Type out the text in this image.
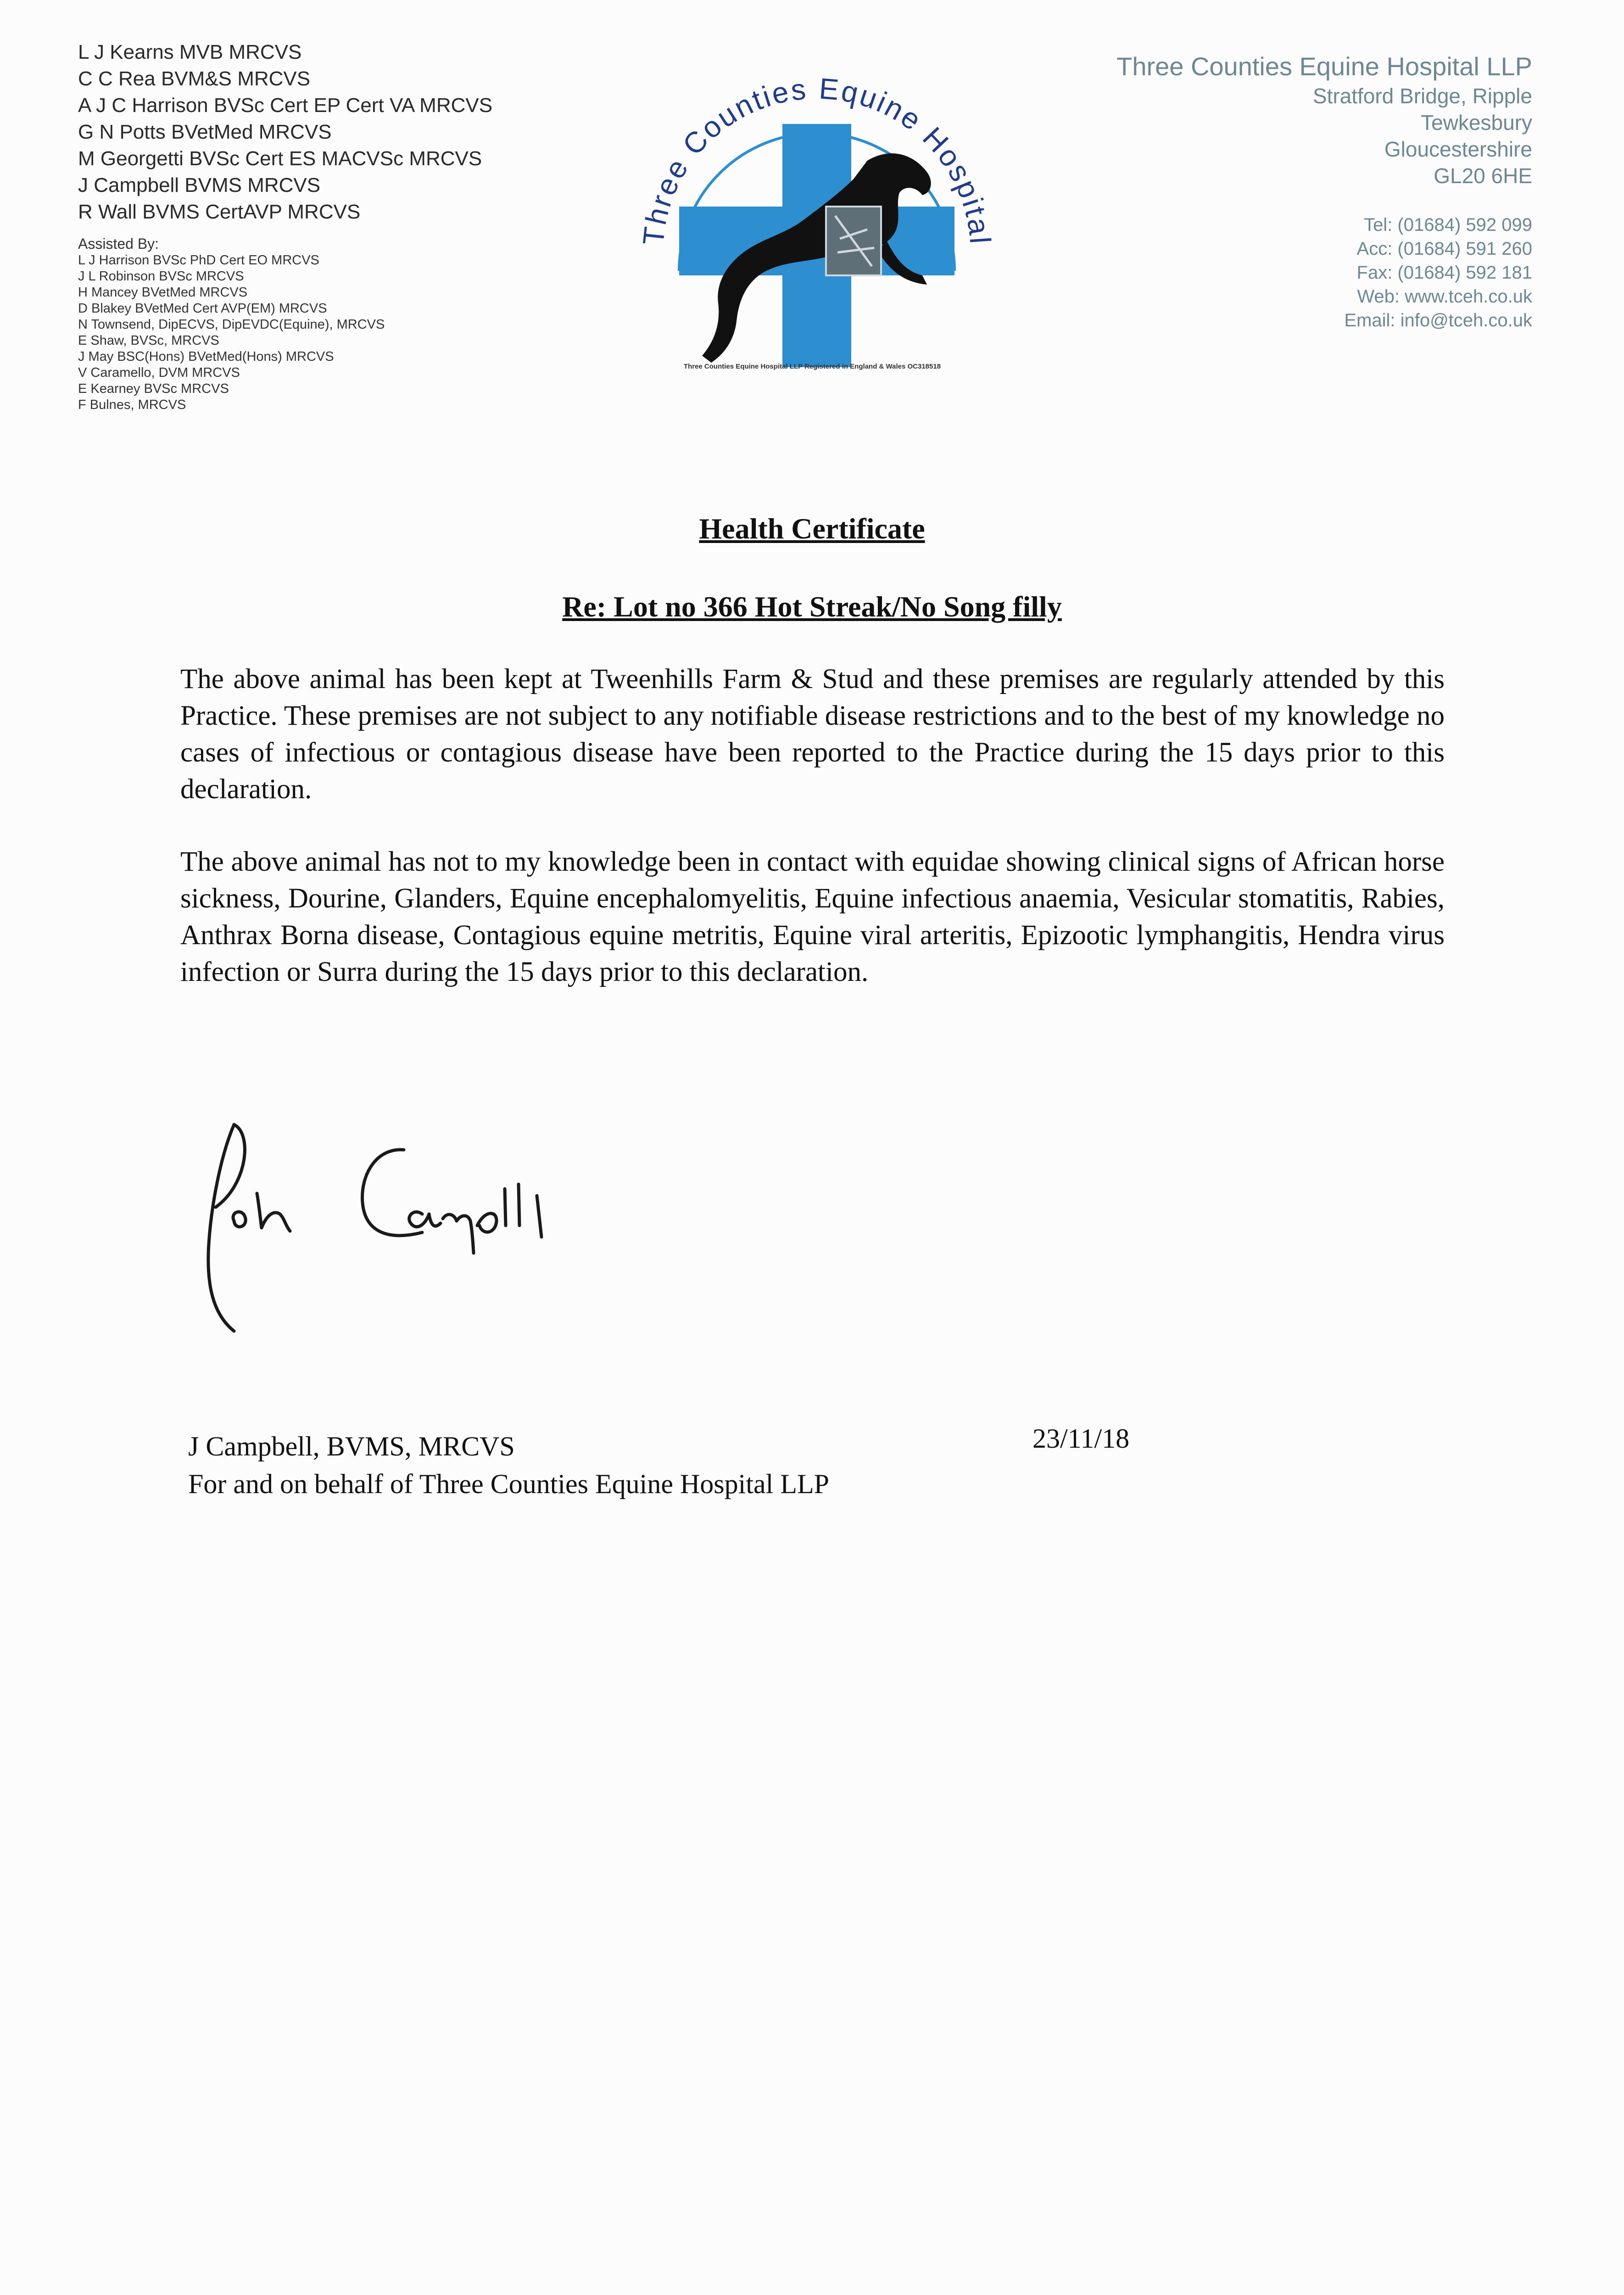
L J Kearns MVB MRCVS
C C Rea BVM&S MRCVS
A J C Harrison BVSc Cert EP Cert VA MRCVS
G N Potts BVetMed MRCVS
M Georgetti BVSc Cert ES MACVSc MRCVS
J Campbell BVMS MRCVS
R Wall BVMS CertAVP MRCVS
Assisted By:
L J Harrison BVSc PhD Cert EO MRCVS
J L Robinson BVSc MRCVS
H Mancey BVetMed MRCVS
D Blakey BVetMed Cert AVP(EM) MRCVS
N Townsend, DipECVS, DipEVDC(Equine), MRCVS
E Shaw, BVSc, MRCVS
J May BSC(Hons) BVetMed(Hons) MRCVS
V Caramello, DVM MRCVS
E Kearney BVSc MRCVS
F Bulnes, MRCVS
Three Counties Equine Hospital
Three Counties Equine Hospital LLP Registered in England & Wales OC318518
Three Counties Equine Hospital LLP
Stratford Bridge, Ripple
Tewkesbury
Gloucestershire
GL20 6HE
Tel: (01684) 592 099
Acc: (01684) 591 260
Fax: (01684) 592 181
Web: www.tceh.co.uk
Email: info@tceh.co.uk
Health Certificate
Re: Lot no 366 Hot Streak/No Song filly
The above animal has been kept at Tweenhills Farm & Stud and these premises are regularly attended by this Practice. These premises are not subject to any notifiable disease restrictions and to the best of my knowledge no cases of infectious or contagious disease have been reported to the Practice during the 15 days prior to this declaration.
The above animal has not to my knowledge been in contact with equidae showing clinical signs of African horse sickness, Dourine, Glanders, Equine encephalomyelitis, Equine infectious anaemia, Vesicular stomatitis, Rabies, Anthrax Borna disease, Contagious equine metritis, Equine viral arteritis, Epizootic lymphangitis, Hendra virus infection or Surra during the 15 days prior to this declaration.
J Campbell, BVMS, MRCVS
For and on behalf of Three Counties Equine Hospital LLP
23/11/18
